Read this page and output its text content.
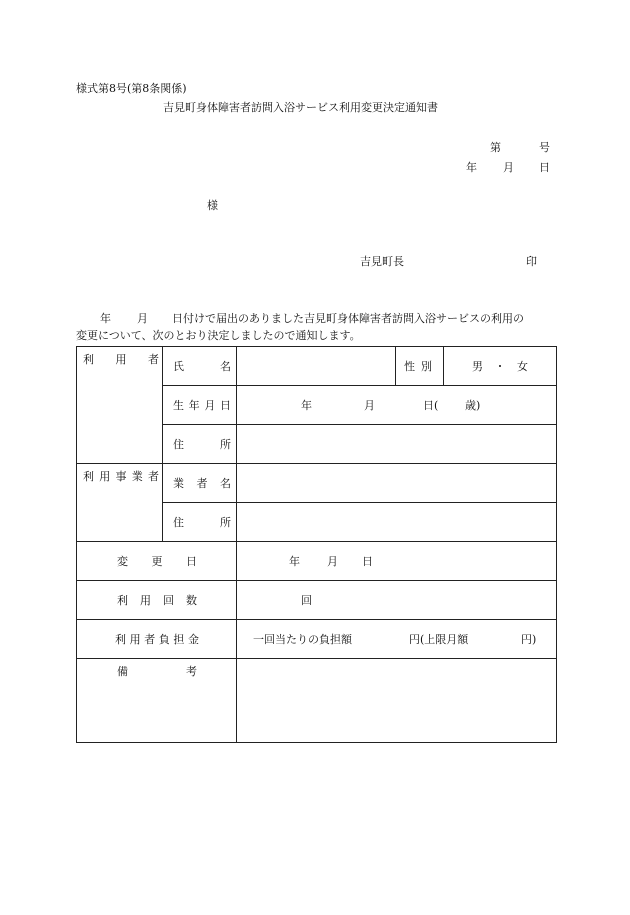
様式第8号(第8条関係)
吉見町身体障害者訪問入浴サービス利用変更決定通知書
第	号
年 月 日
様
吉見町長	印
年 月 日付けで届出のありました吉見町身体障害者訪問入浴サービスの利用の
変更について、次のとおり決定しましたので通知します。
利用者	氏名		性別	男・女

	生年月日	年 月 日( 歳)		

	住所			

利用事業者	業者名			

	住所			

変更日		年 月 日		

利用回数		回		

利用者負担金		一回当たりの負担額 円(上限月額 円)		

備考				
